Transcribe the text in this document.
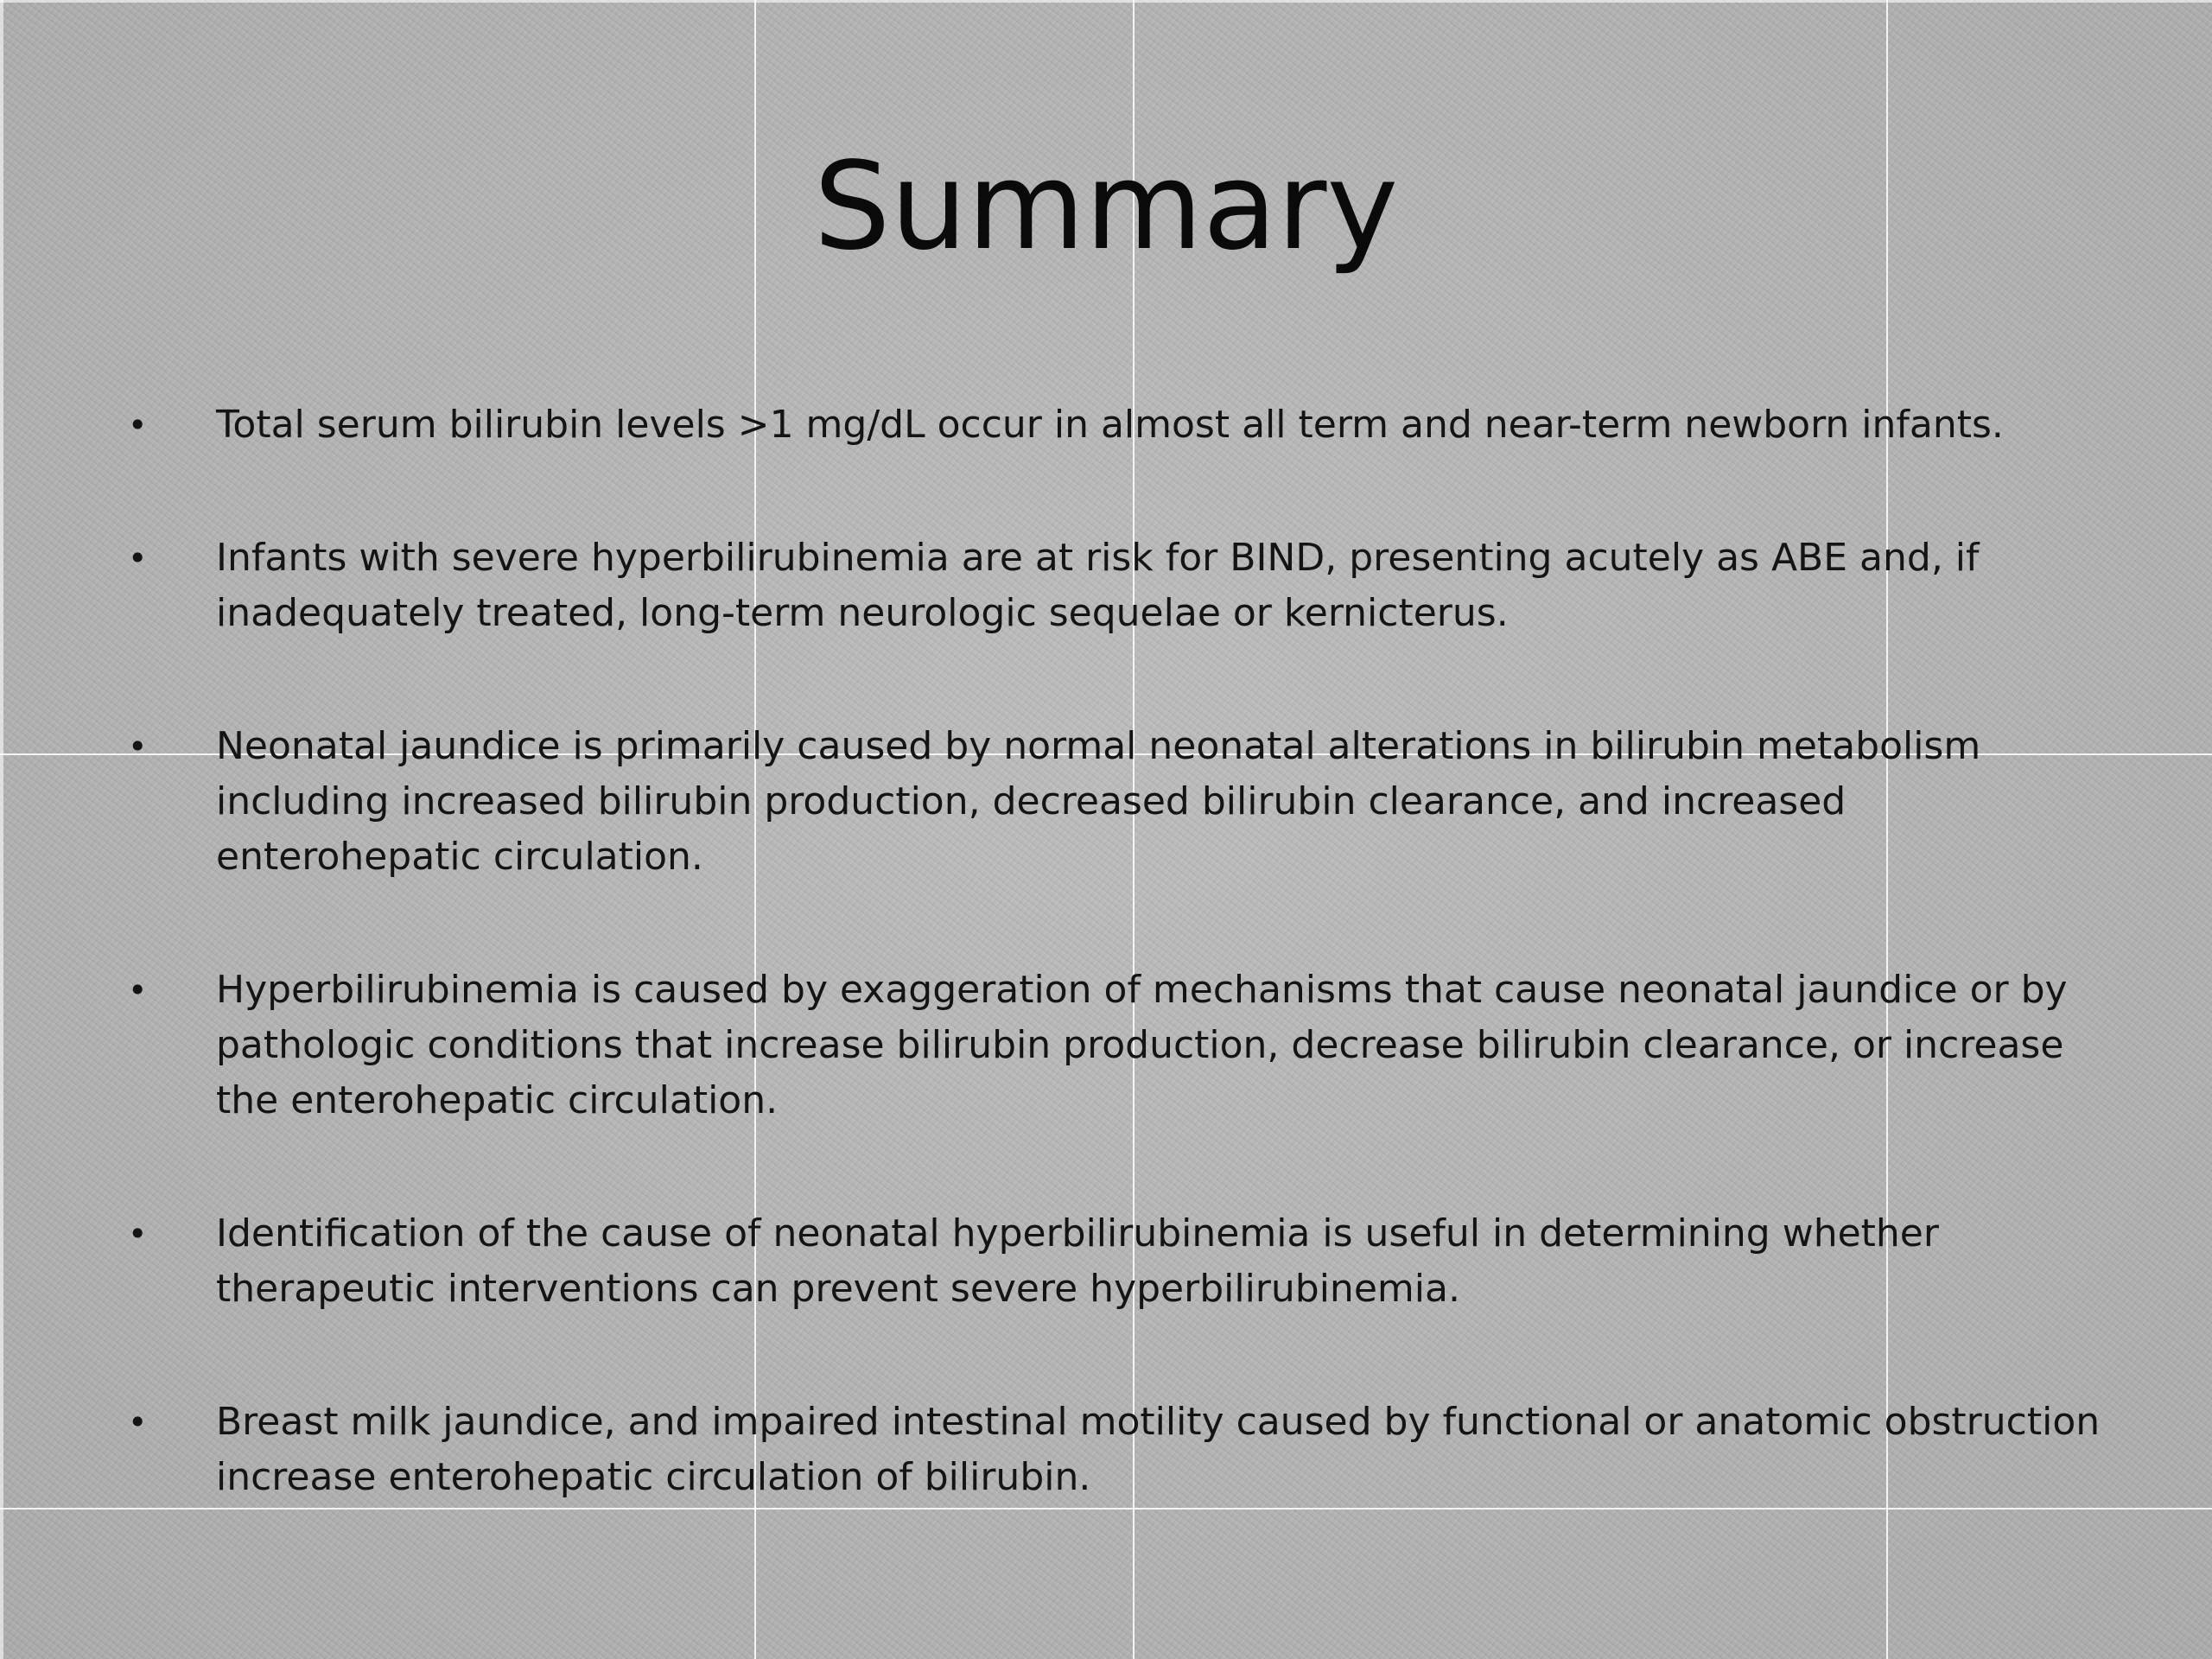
Summary
•	Total serum bilirubin levels >1 mg/dL occur in almost all term and near-term newborn infants.
•	Infants with severe hyperbilirubinemia are at risk for BIND, presenting acutely as ABE and, if inadequately treated, long-term neurologic sequelae or kernicterus.
•	Neonatal jaundice is primarily caused by normal neonatal alterations in bilirubin metabolism including increased bilirubin production, decreased bilirubin clearance, and increased enterohepatic circulation.
•	Hyperbilirubinemia is caused by exaggeration of mechanisms that cause neonatal jaundice or by pathologic conditions that increase bilirubin production, decrease bilirubin clearance, or increase the enterohepatic circulation.
•	Identification of the cause of neonatal hyperbilirubinemia is useful in determining whether therapeutic interventions can prevent severe hyperbilirubinemia.
•	Breast milk jaundice, and impaired intestinal motility caused by functional or anatomic obstruction increase enterohepatic circulation of bilirubin.
